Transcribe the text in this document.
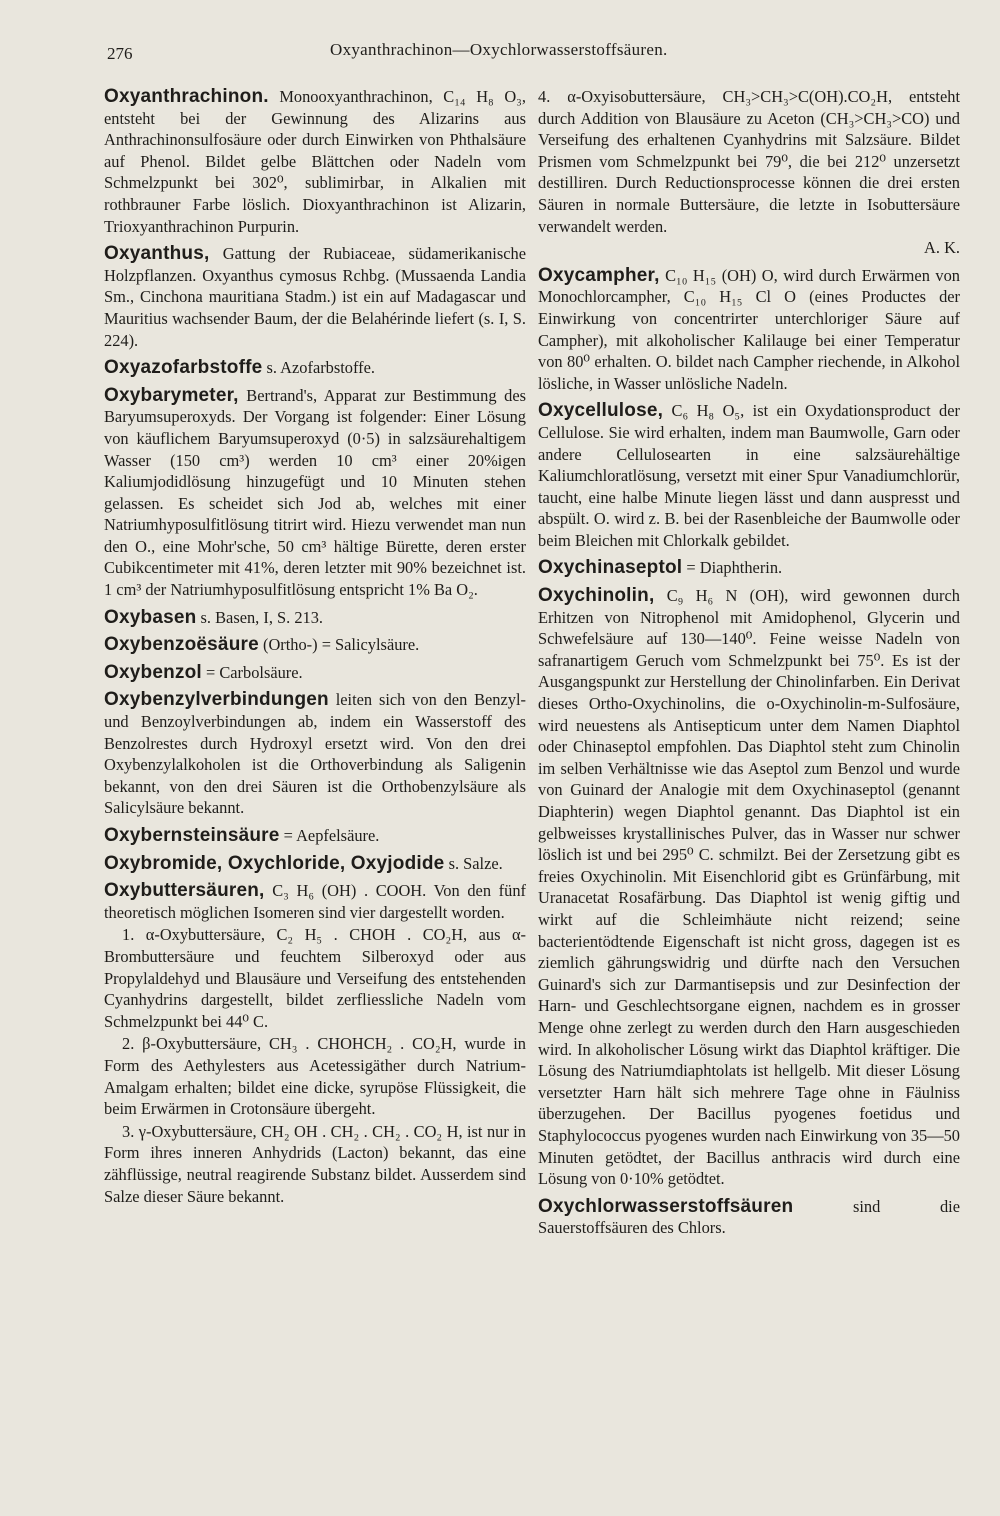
276	Oxyanthrachinon—Oxychlorwasserstoffsäuren.

Oxyanthrachinon. Monooxyanthrachinon, C₁₄ H₈ O₃, entsteht bei der Gewinnung des Alizarins aus Anthrachinonsulfosäure oder durch Einwirken von Phthalsäure auf Phenol. Bildet gelbe Blättchen oder Nadeln vom Schmelzpunkt bei 302⁰, sublimirbar, in Alkalien mit rothbrauner Farbe löslich. Dioxyanthrachinon ist Alizarin, Trioxyanthrachinon Purpurin.

Oxyanthus, Gattung der Rubiaceae, südamerikanische Holzpflanzen. Oxyanthus cymosus Rchbg. (Mussaenda Landia Sm., Cinchona mauritiana Stadm.) ist ein auf Madagascar und Mauritius wachsender Baum, der die Belahérinde liefert (s. I, S. 224).

Oxyazofarbstoffe s. Azofarbstoffe.

Oxybarymeter, Bertrand's, Apparat zur Bestimmung des Baryumsuperoxyds. Der Vorgang ist folgender: Einer Lösung von käuflichem Baryumsuperoxyd (0·5) in salzsäurehaltigem Wasser (150 cm³) werden 10 cm³ einer 20%igen Kaliumjodidlösung hinzugefügt und 10 Minuten stehen gelassen. Es scheidet sich Jod ab, welches mit einer Natriumhyposulfitlösung titrirt wird. Hiezu verwendet man nun den O., eine Mohr'sche, 50 cm³ hältige Bürette, deren erster Cubikcentimeter mit 41%, deren letzter mit 90% bezeichnet ist. 1 cm³ der Natriumhyposulfitlösung entspricht 1% Ba O₂.

Oxybasen s. Basen, I, S. 213.

Oxybenzoësäure (Ortho-) = Salicylsäure.

Oxybenzol = Carbolsäure.

Oxybenzylverbindungen leiten sich von den Benzyl- und Benzoylverbindungen ab, indem ein Wasserstoff des Benzolrestes durch Hydroxyl ersetzt wird. Von den drei Oxybenzylalkoholen ist die Orthoverbindung als Saligenin bekannt, von den drei Säuren ist die Orthobenzylsäure als Salicylsäure bekannt.

Oxybernsteinsäure = Aepfelsäure.

Oxybromide, Oxychloride, Oxyjodide s. Salze.

Oxybuttersäuren, C₃ H₆ (OH) . COOH. Von den fünf theoretisch möglichen Isomeren sind vier dargestellt worden.

1. α-Oxybuttersäure, C₂ H₅ . CHOH . CO₂H, aus α-Brombuttersäure und feuchtem Silberoxyd oder aus Propylaldehyd und Blausäure und Verseifung des entstehenden Cyanhydrins dargestellt, bildet zerfliessliche Nadeln vom Schmelzpunkt bei 44⁰ C.

2. β-Oxybuttersäure, CH₃ . CHOHCH₂ . CO₂H, wurde in Form des Aethylesters aus Acetessigäther durch Natrium-Amalgam erhalten; bildet eine dicke, syrupöse Flüssigkeit, die beim Erwärmen in Crotonsäure übergeht.

3. γ-Oxybuttersäure, CH₂ OH . CH₂ . CH₂ . CO₂ H, ist nur in Form ihres inneren Anhydrids (Lacton) bekannt, das eine zähflüssige, neutral reagirende Substanz bildet. Ausserdem sind Salze dieser Säure bekannt.

4. α-Oxyisobuttersäure, CH₃>CH₃>C(OH).CO₂H, entsteht durch Addition von Blausäure zu Aceton (CH₃>CH₃>CO) und Verseifung des erhaltenen Cyanhydrins mit Salzsäure. Bildet Prismen vom Schmelzpunkt bei 79⁰, die bei 212⁰ unzersetzt destilliren. Durch Reductionsprocesse können die drei ersten Säuren in normale Buttersäure, die letzte in Isobuttersäure verwandelt werden.

A. K.

Oxycampher, C₁₀ H₁₅ (OH) O, wird durch Erwärmen von Monochlorcampher, C₁₀ H₁₅ Cl O (eines Productes der Einwirkung von concentrirter unterchloriger Säure auf Campher), mit alkoholischer Kalilauge bei einer Temperatur von 80⁰ erhalten. O. bildet nach Campher riechende, in Alkohol lösliche, in Wasser unlösliche Nadeln.

Oxycellulose, C₆ H₈ O₅, ist ein Oxydationsproduct der Cellulose. Sie wird erhalten, indem man Baumwolle, Garn oder andere Cellulosearten in eine salzsäurehältige Kaliumchloratlösung, versetzt mit einer Spur Vanadiumchlorür, taucht, eine halbe Minute liegen lässt und dann auspresst und abspült. O. wird z. B. bei der Rasenbleiche der Baumwolle oder beim Bleichen mit Chlorkalk gebildet.

Oxychinaseptol = Diaphtherin.

Oxychinolin, C₉ H₆ N (OH), wird gewonnen durch Erhitzen von Nitrophenol mit Amidophenol, Glycerin und Schwefelsäure auf 130—140⁰. Feine weisse Nadeln von safranartigem Geruch vom Schmelzpunkt bei 75⁰. Es ist der Ausgangspunkt zur Herstellung der Chinolinfarben. Ein Derivat dieses Ortho-Oxychinolins, die o-Oxychinolin-m-Sulfosäure, wird neuestens als Antisepticum unter dem Namen Diaphtol oder Chinaseptol empfohlen. Das Diaphtol steht zum Chinolin im selben Verhältnisse wie das Aseptol zum Benzol und wurde von Guinard der Analogie mit dem Oxychinaseptol (genannt Diaphterin) wegen Diaphtol genannt. Das Diaphtol ist ein gelbweisses krystallinisches Pulver, das in Wasser nur schwer löslich ist und bei 295⁰ C. schmilzt. Bei der Zersetzung gibt es freies Oxychinolin. Mit Eisenchlorid gibt es Grünfärbung, mit Uranacetat Rosafärbung. Das Diaphtol ist wenig giftig und wirkt auf die Schleimhäute nicht reizend; seine bacterientödtende Eigenschaft ist nicht gross, dagegen ist es ziemlich gährungswidrig und dürfte nach den Versuchen Guinard's sich zur Darmantisepsis und zur Desinfection der Harn- und Geschlechtsorgane eignen, nachdem es in grosser Menge ohne zerlegt zu werden durch den Harn ausgeschieden wird. In alkoholischer Lösung wirkt das Diaphtol kräftiger. Die Lösung des Natriumdiaphtolats ist hellgelb. Mit dieser Lösung versetzter Harn hält sich mehrere Tage ohne in Fäulniss überzugehen. Der Bacillus pyogenes foetidus und Staphylococcus pyogenes wurden nach Einwirkung von 35—50 Minuten getödtet, der Bacillus anthracis wird durch eine Lösung von 0·10% getödtet.

Oxychlorwasserstoffsäuren	sind die Sauerstoffsäuren des Chlors.
